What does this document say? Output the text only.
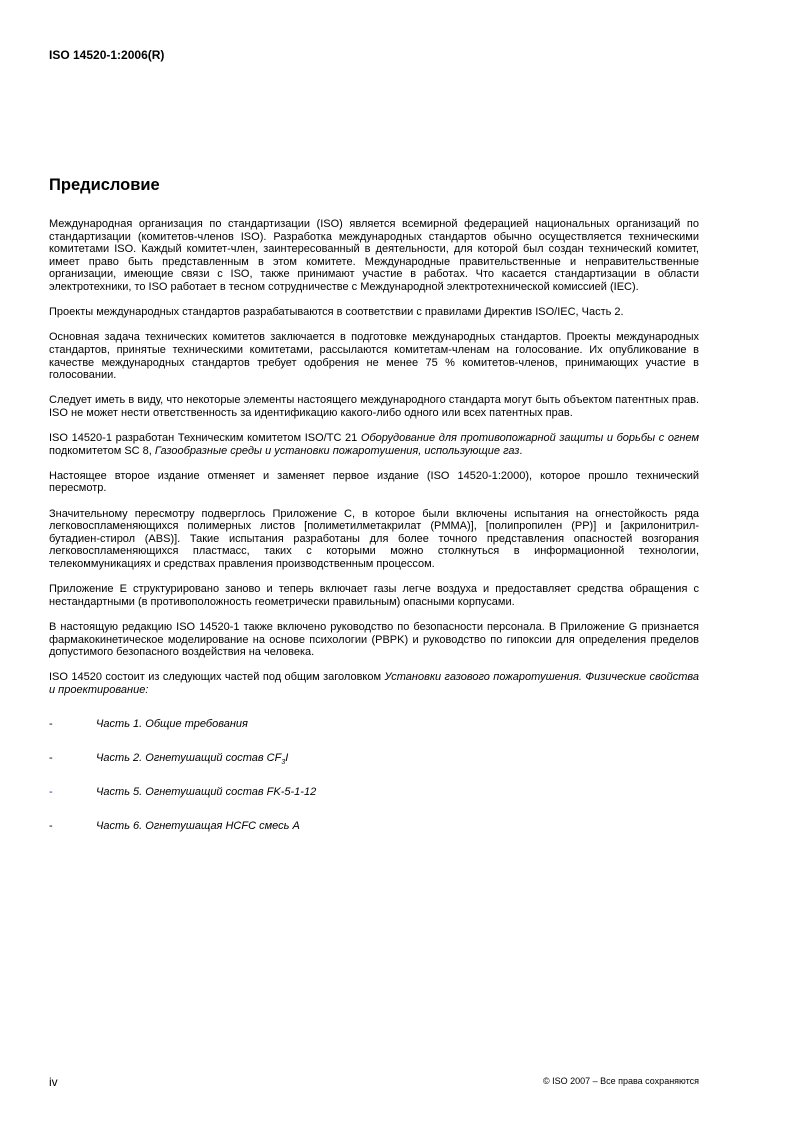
ISO 14520-1:2006(R)
Предисловие

Международная организация по стандартизации (ISO) является всемирной федерацией национальных организаций по стандартизации (комитетов-членов ISO). Разработка международных стандартов обычно осуществляется техническими комитетами ISO. Каждый комитет-член, заинтересованный в деятельности, для которой был создан технический комитет, имеет право быть представленным в этом комитете. Международные правительственные и неправительственные организации, имеющие связи с ISO, также принимают участие в работах. Что касается стандартизации в области электротехники, то ISO работает в тесном сотрудничестве с Международной электротехнической комиссией (IEC).

Проекты международных стандартов разрабатываются в соответствии с правилами Директив ISO/IEC, Часть 2.

Основная задача технических комитетов заключается в подготовке международных стандартов. Проекты международных стандартов, принятые техническими комитетами, рассылаются комитетам-членам на голосование. Их опубликование в качестве международных стандартов требует одобрения не менее 75 % комитетов-членов, принимающих участие в голосовании.

Следует иметь в виду, что некоторые элементы настоящего международного стандарта могут быть объектом патентных прав. ISO не может нести ответственность за идентификацию какого-либо одного или всех патентных прав.

ISO 14520-1 разработан Техническим комитетом ISO/TC 21 Оборудование для противопожарной защиты и борьбы с огнем подкомитетом SC 8, Газообразные среды и установки пожаротушения, использующие газ.

Настоящее второе издание отменяет и заменяет первое издание (ISO 14520-1:2000), которое прошло технический пересмотр.

Значительному пересмотру подверглось Приложение С, в которое были включены испытания на огнестойкость ряда легковоспламеняющихся полимерных листов [полиметилметакрилат (PMMA)], [полипропилен (PP)] и [акрилонитрил-бутадиен-стирол (ABS)]. Такие испытания разработаны для более точного представления опасностей возгорания легковоспламеняющихся пластмасс, таких с которыми можно столкнуться в информационной технологии, телекоммуникациях и средствах правления производственным процессом.

Приложение Е структурировано заново и теперь включает газы легче воздуха и предоставляет средства обращения с нестандартными (в противоположность геометрически правильным) опасными корпусами.

В настоящую редакцию ISO 14520-1 также включено руководство по безопасности персонала. В Приложение G признается фармакокинетическое моделирование на основе психологии (PBPK) и руководство по гипоксии для определения пределов допустимого безопасного воздействия на человека.

ISO 14520 состоит из следующих частей под общим заголовком Установки газового пожаротушения. Физические свойства и проектирование:

-	Часть 1. Общие требования
-	Часть 2. Огнетушащий состав $CF_3I$
-	Часть 5. Огнетушащий состав FK-5-1-12
-	Часть 6. Огнетушащая HCFC смесь А
iv	© ISO 2007 – Все права сохраняются
